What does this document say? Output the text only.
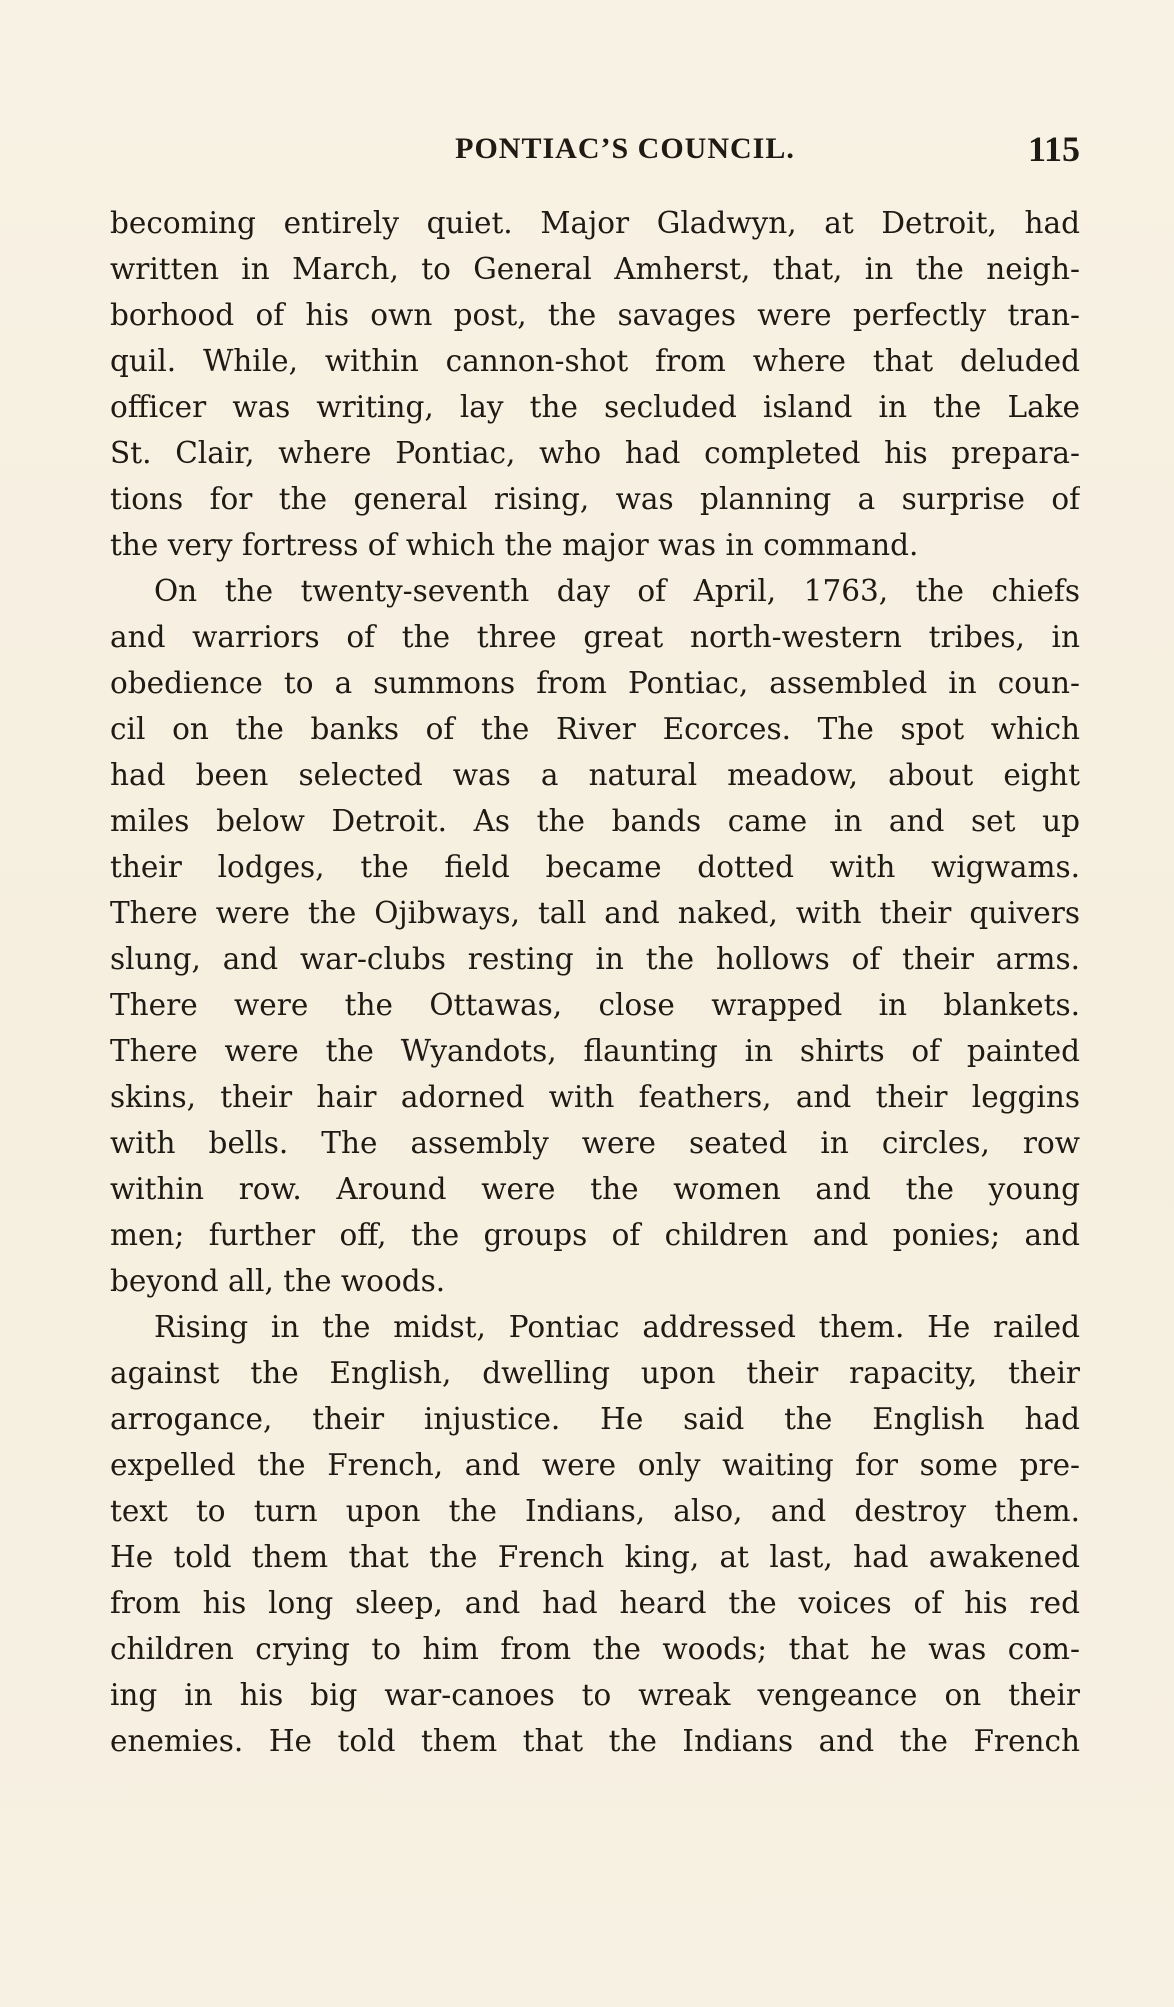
PONTIAC’S COUNCIL.	115
becoming entirely quiet. Major Gladwyn, at Detroit, had
written in March, to General Amherst, that, in the neigh-
borhood of his own post, the savages were perfectly tran-
quil. While, within cannon-shot from where that deluded
officer was writing, lay the secluded island in the Lake
St. Clair, where Pontiac, who had completed his prepara-
tions for the general rising, was planning a surprise of
the very fortress of which the major was in command.
On the twenty-seventh day of April, 1763, the chiefs
and warriors of the three great north-western tribes, in
obedience to a summons from Pontiac, assembled in coun-
cil on the banks of the River Ecorces. The spot which
had been selected was a natural meadow, about eight
miles below Detroit. As the bands came in and set up
their lodges, the field became dotted with wigwams.
There were the Ojibways, tall and naked, with their quivers
slung, and war-clubs resting in the hollows of their arms.
There were the Ottawas, close wrapped in blankets.
There were the Wyandots, flaunting in shirts of painted
skins, their hair adorned with feathers, and their leggins
with bells. The assembly were seated in circles, row
within row. Around were the women and the young
men; further off, the groups of children and ponies; and
beyond all, the woods.
Rising in the midst, Pontiac addressed them. He railed
against the English, dwelling upon their rapacity, their
arrogance, their injustice. He said the English had
expelled the French, and were only waiting for some pre-
text to turn upon the Indians, also, and destroy them.
He told them that the French king, at last, had awakened
from his long sleep, and had heard the voices of his red
children crying to him from the woods; that he was com-
ing in his big war-canoes to wreak vengeance on their
enemies. He told them that the Indians and the French
